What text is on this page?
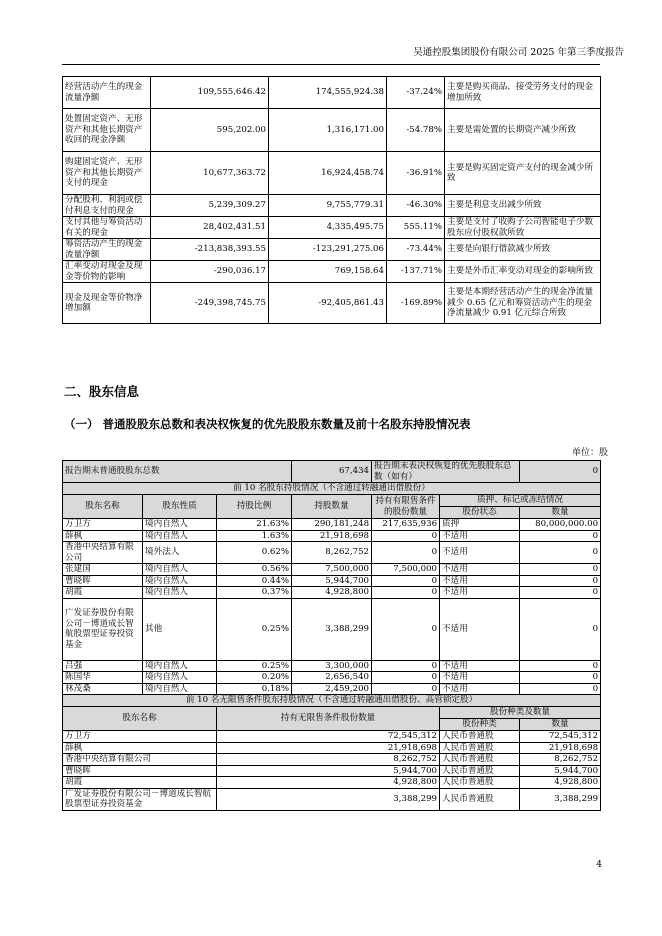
吴通控股集团股份有限公司 2025 年第三季度报告
经营活动产生的现金流量净额	109,555,646.42	174,555,924.38	-37.24%	主要是购买商品、接受劳务支付的现金增加所致
处置固定资产、无形资产和其他长期资产收回的现金净额	595,202.00	1,316,171.00	-54.78%	主要是需处置的长期资产减少所致
购建固定资产、无形资产和其他长期资产支付的现金	10,677,363.72	16,924,458.74	-36.91%	主要是购买固定资产支付的现金减少所致
分配股利、利润或偿付利息支付的现金	5,239,309.27	9,755,779.31	-46.30%	主要是利息支出减少所致
支付其他与筹资活动有关的现金	28,402,431.51	4,335,495.75	555.11%	主要是支付了收购子公司智能电子少数股东应付股权款所致
筹资活动产生的现金流量净额	-213,838,393.55	-123,291,275.06	-73.44%	主要是向银行借款减少所致
汇率变动对现金及现金等价物的影响	-290,036.17	769,158.64	-137.71%	主要是外币汇率变动对现金的影响所致
现金及现金等价物净增加额	-249,398,745.75	-92,405,861.43	-169.89%	主要是本期经营活动产生的现金净流量减少 0.65 亿元和筹资活动产生的现金净流量减少 0.91 亿元综合所致
二、股东信息
（一） 普通股股东总数和表决权恢复的优先股股东数量及前十名股东持股情况表
单位：股
报告期末普通股股东总数			67,434	报告期末表决权恢复的优先股股东总数（如有）		0
前 10 名股东持股情况（不含通过转融通出借股份）						
股东名称	股东性质	持股比例	持股数量	持有有限售条件的股份数量	质押、标记或冻结情况	
					股份状态	数量
万卫方	境内自然人	21.63%	290,181,248	217,635,936	质押	80,000,000.00
薛枫	境内自然人	1.63%	21,918,698	0	不适用	0
香港中央结算有限公司	境外法人	0.62%	8,262,752	0	不适用	0
张建国	境内自然人	0.56%	7,500,000	7,500,000	不适用	0
曹晓晖	境内自然人	0.44%	5,944,700	0	不适用	0
胡霞	境内自然人	0.37%	4,928,800	0	不适用	0
广发证券股份有限公司－博道成长智航股票型证券投资基金	其他	0.25%	3,388,299	0	不适用	0
吕强	境内自然人	0.25%	3,300,000	0	不适用	0
陈国华	境内自然人	0.20%	2,656,540	0	不适用	0
林茂桑	境内自然人	0.18%	2,459,200	0	不适用	0
前 10 名无限售条件股东持股情况（不含通过转融通出借股份、高管锁定股）						
股东名称		持有无限售条件股份数量			股份种类及数量	
					股份种类	数量
万卫方		72,545,312			人民币普通股	72,545,312
薛枫		21,918,698			人民币普通股	21,918,698
香港中央结算有限公司		8,262,752			人民币普通股	8,262,752
曹晓晖		5,944,700			人民币普通股	5,944,700
胡霞		4,928,800			人民币普通股	4,928,800
广发证券股份有限公司－博道成长智航股票型证券投资基金		3,388,299			人民币普通股	3,388,299
4
